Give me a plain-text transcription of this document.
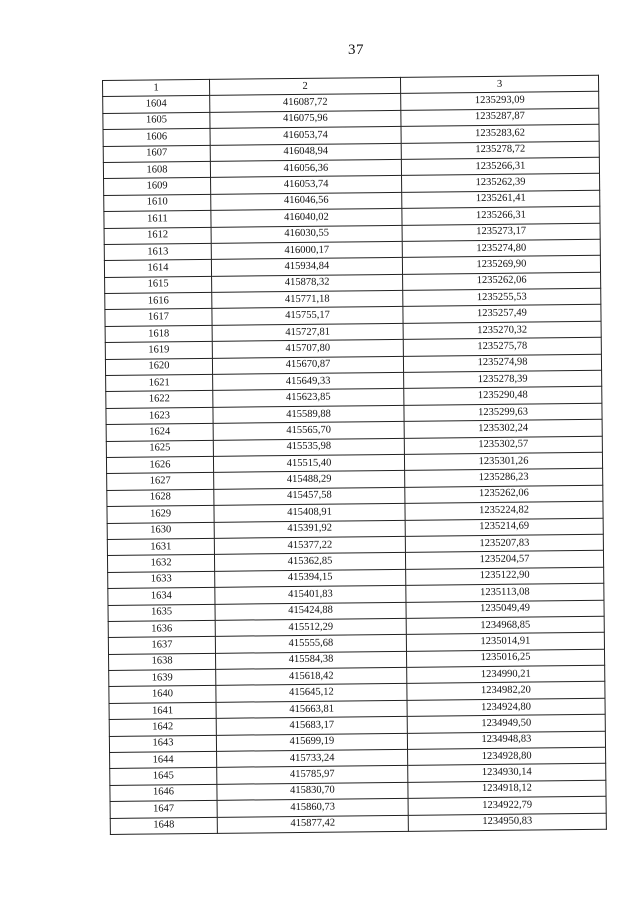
37
1	2	3
1604	416087,72	1235293,09
1605	416075,96	1235287,87
1606	416053,74	1235283,62
1607	416048,94	1235278,72
1608	416056,36	1235266,31
1609	416053,74	1235262,39
1610	416046,56	1235261,41
1611	416040,02	1235266,31
1612	416030,55	1235273,17
1613	416000,17	1235274,80
1614	415934,84	1235269,90
1615	415878,32	1235262,06
1616	415771,18	1235255,53
1617	415755,17	1235257,49
1618	415727,81	1235270,32
1619	415707,80	1235275,78
1620	415670,87	1235274,98
1621	415649,33	1235278,39
1622	415623,85	1235290,48
1623	415589,88	1235299,63
1624	415565,70	1235302,24
1625	415535,98	1235302,57
1626	415515,40	1235301,26
1627	415488,29	1235286,23
1628	415457,58	1235262,06
1629	415408,91	1235224,82
1630	415391,92	1235214,69
1631	415377,22	1235207,83
1632	415362,85	1235204,57
1633	415394,15	1235122,90
1634	415401,83	1235113,08
1635	415424,88	1235049,49
1636	415512,29	1234968,85
1637	415555,68	1235014,91
1638	415584,38	1235016,25
1639	415618,42	1234990,21
1640	415645,12	1234982,20
1641	415663,81	1234924,80
1642	415683,17	1234949,50
1643	415699,19	1234948,83
1644	415733,24	1234928,80
1645	415785,97	1234930,14
1646	415830,70	1234918,12
1647	415860,73	1234922,79
1648	415877,42	1234950,83
